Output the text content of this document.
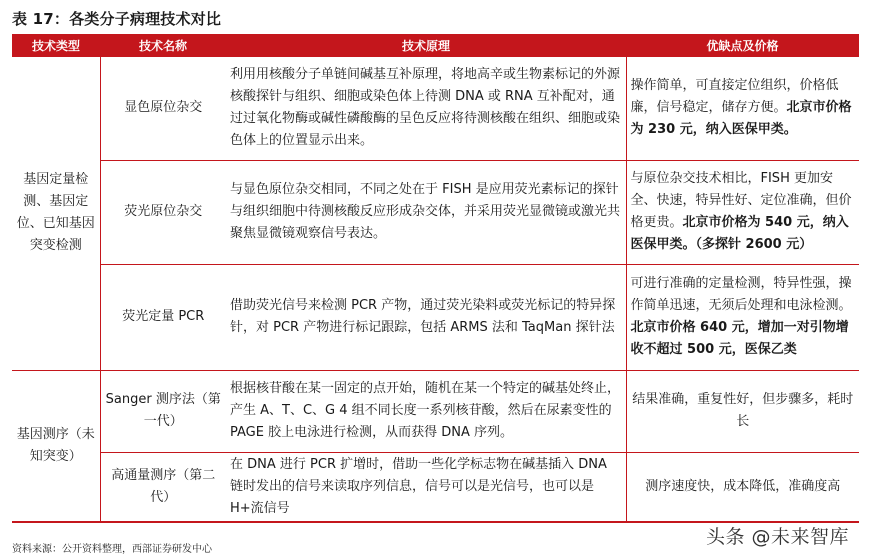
表 17：各类分子病理技术对比
技术类型	技术名称	技术原理	优缺点及价格
基因定量检测、基因定位、已知基因突变检测	显色原位杂交	利用用核酸分子单链间碱基互补原理，将地高辛或生物素标记的外源核酸探针与组织、细胞或染色体上待测 DNA 或 RNA 互补配对，通过过氧化物酶或碱性磷酸酶的呈色反应将待测核酸在组织、细胞或染色体上的位置显示出来。	操作简单，可直接定位组织，价格低廉，信号稳定，储存方便。北京市价格为 230 元，纳入医保甲类。
	荧光原位杂交	与显色原位杂交相同，不同之处在于 FISH 是应用荧光素标记的探针与组织细胞中待测核酸反应形成杂交体，并采用荧光显微镜或激光共聚焦显微镜观察信号表达。	与原位杂交技术相比，FISH 更加安全、快速，特异性好、定位准确，但价格更贵。北京市价格为 540 元，纳入医保甲类。（多探针 2600 元）
	荧光定量 PCR	借助荧光信号来检测 PCR 产物，通过荧光染料或荧光标记的特异探针，对 PCR 产物进行标记跟踪，包括 ARMS 法和 TaqMan 探针法	可进行准确的定量检测，特异性强，操作简单迅速，无须后处理和电泳检测。北京市价格 640 元，增加一对引物增收不超过 500 元，医保乙类
基因测序（未知突变）	Sanger 测序法（第一代）	根据核苷酸在某一固定的点开始，随机在某一个特定的碱基处终止，产生 A、T、C、G 4 组不同长度一系列核苷酸，然后在尿素变性的 PAGE 胶上电泳进行检测，从而获得 DNA 序列。	结果准确，重复性好，但步骤多，耗时长
	高通量测序（第二代）	在 DNA 进行 PCR 扩增时，借助一些化学标志物在碱基插入 DNA 链时发出的信号来读取序列信息，信号可以是光信号，也可以是 H+流信号	测序速度快，成本降低，准确度高
资料来源：公开资料整理，西部证券研发中心
头条 @未来智库
